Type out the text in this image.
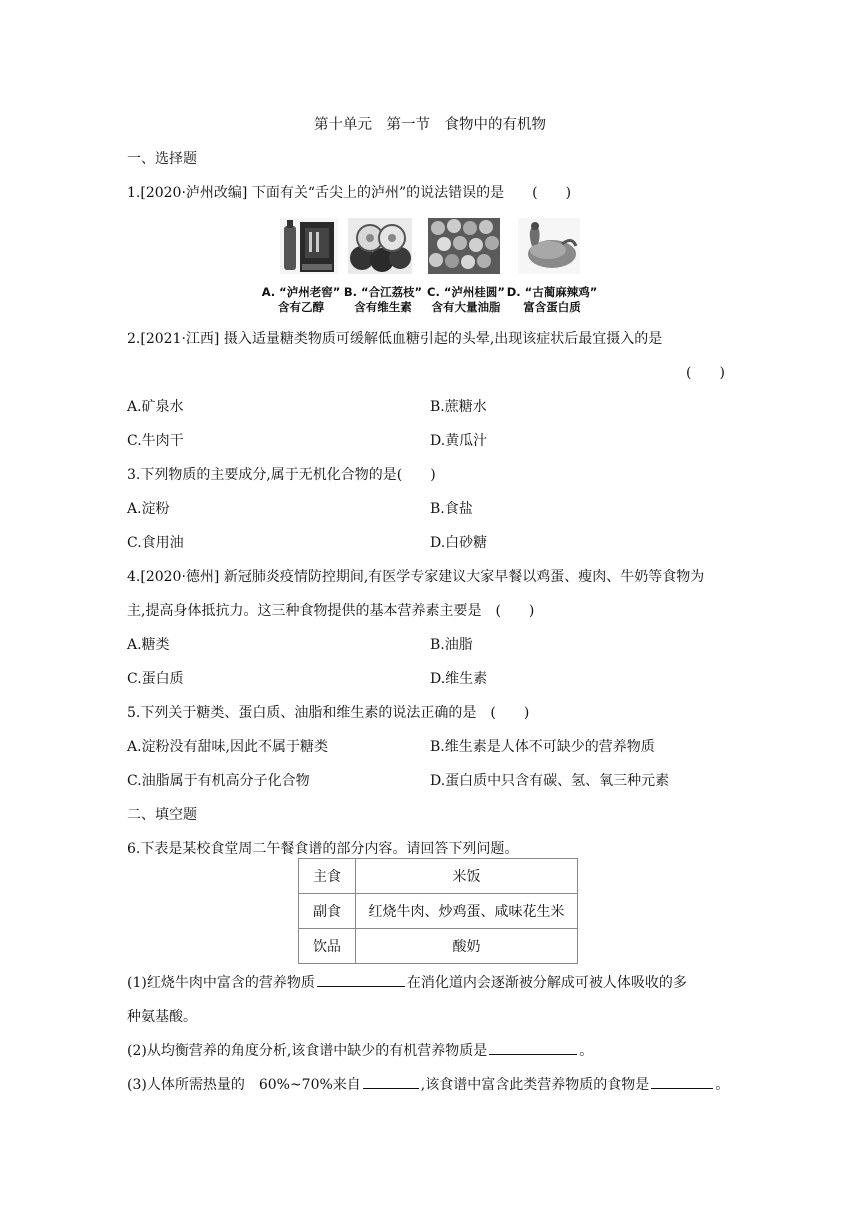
第十单元　第一节　食物中的有机物
一、选择题
1.[2020·泸州改编] 下面有关“舌尖上的泸州”的说法错误的是　　(　　)
A. “泸州老窖”
含有乙醇
B. “合江荔枝”
含有维生素
C. “泸州桂圆”
含有大量油脂
D. “古蔺麻辣鸡”
富含蛋白质
2.[2021·江西] 摄入适量糖类物质可缓解低血糖引起的头晕,出现该症状后最宜摄入的是
(　　)
A.矿泉水	B.蔗糖水
C.牛肉干	D.黄瓜汁
3.下列物质的主要成分,属于无机化合物的是(　　)
A.淀粉	B.食盐
C.食用油	D.白砂糖
4.[2020·德州] 新冠肺炎疫情防控期间,有医学专家建议大家早餐以鸡蛋、瘦肉、牛奶等食物为
主,提高身体抵抗力。这三种食物提供的基本营养素主要是　(　　)
A.糖类	B.油脂
C.蛋白质	D.维生素
5.下列关于糖类、蛋白质、油脂和维生素的说法正确的是　(　　)
A.淀粉没有甜味,因此不属于糖类	B.维生素是人体不可缺少的营养物质
C.油脂属于有机高分子化合物	D.蛋白质中只含有碳、氢、氧三种元素
二、填空题
6.下表是某校食堂周二午餐食谱的部分内容。请回答下列问题。
主食	米饭
副食	红烧牛肉、炒鸡蛋、咸味花生米
饮品	酸奶
(1)红烧牛肉中富含的营养物质	在消化道内会逐渐被分解成可被人体吸收的多
种氨基酸。
(2)从均衡营养的角度分析,该食谱中缺少的有机营养物质是	。
(3)人体所需热量的　60%~70%来自	,该食谱中富含此类营养物质的食物是	。
